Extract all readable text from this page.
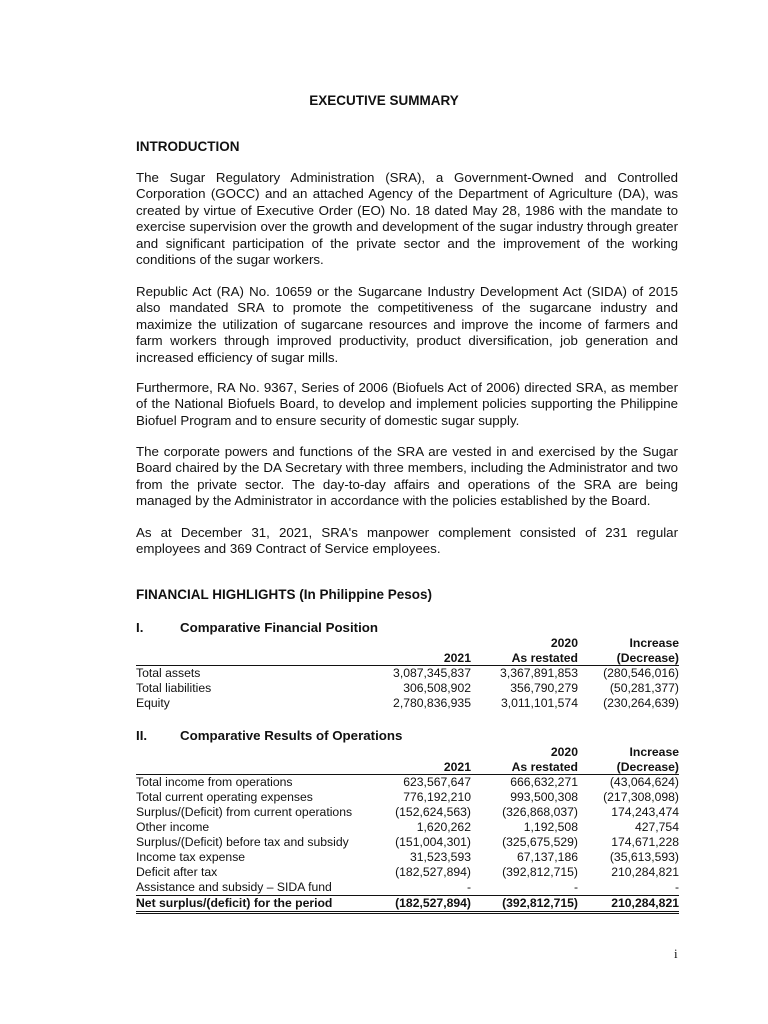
EXECUTIVE SUMMARY
INTRODUCTION

The Sugar Regulatory Administration (SRA), a Government-Owned and Controlled Corporation (GOCC) and an attached Agency of the Department of Agriculture (DA), was created by virtue of Executive Order (EO) No. 18 dated May 28, 1986 with the mandate to exercise supervision over the growth and development of the sugar industry through greater and significant participation of the private sector and the improvement of the working conditions of the sugar workers.

Republic Act (RA) No. 10659 or the Sugarcane Industry Development Act (SIDA) of 2015 also mandated SRA to promote the competitiveness of the sugarcane industry and maximize the utilization of sugarcane resources and improve the income of farmers and farm workers through improved productivity, product diversification, job generation and increased efficiency of sugar mills.

Furthermore, RA No. 9367, Series of 2006 (Biofuels Act of 2006) directed SRA, as member of the National Biofuels Board, to develop and implement policies supporting the Philippine Biofuel Program and to ensure security of domestic sugar supply.

The corporate powers and functions of the SRA are vested in and exercised by the Sugar Board chaired by the DA Secretary with three members, including the Administrator and two from the private sector. The day-to-day affairs and operations of the SRA are being managed by the Administrator in accordance with the policies established by the Board.

As at December 31, 2021, SRA's manpower complement consisted of 231 regular employees and 369 Contract of Service employees.

FINANCIAL HIGHLIGHTS (In Philippine Pesos)
I.	Comparative Financial Position
		2020	Increase
	2021	As restated	(Decrease)
Total assets	3,087,345,837	3,367,891,853	(280,546,016)
Total liabilities	306,508,902	356,790,279	(50,281,377)
Equity	2,780,836,935	3,011,101,574	(230,264,639)
II. Comparative Results of Operations
		2020	Increase
	2021	As restated	(Decrease)
Total income from operations	623,567,647	666,632,271	(43,064,624)
Total current operating expenses	776,192,210	993,500,308	(217,308,098)
Surplus/(Deficit) from current operations	(152,624,563)	(326,868,037)	174,243,474
Other income	1,620,262	1,192,508	427,754
Surplus/(Deficit) before tax and subsidy	(151,004,301)	(325,675,529)	174,671,228
Income tax expense	31,523,593	67,137,186	(35,613,593)
Deficit after tax	(182,527,894)	(392,812,715)	210,284,821
Assistance and subsidy – SIDA fund	-	-	-
Net surplus/(deficit) for the period	(182,527,894)	(392,812,715)	210,284,821
i
